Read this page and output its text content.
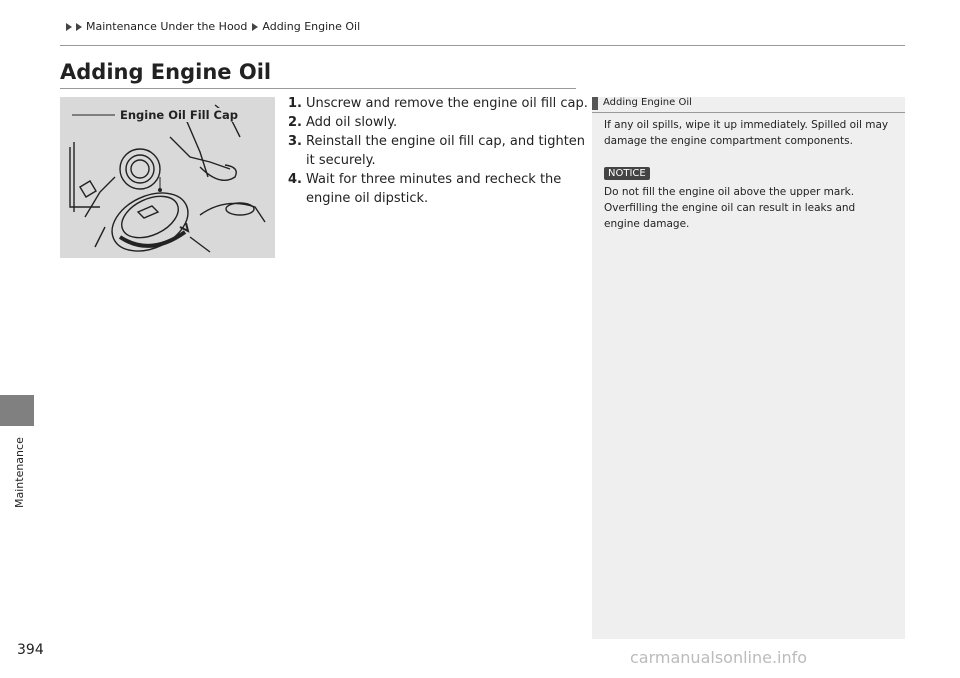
Maintenance Under the Hood Adding Engine Oil
Adding Engine Oil
Engine Oil Fill Cap
1. Unscrew and remove the engine oil fill cap.
2. Add oil slowly.
3. Reinstall the engine oil fill cap, and tighten it securely.
4. Wait for three minutes and recheck the engine oil dipstick.
Adding Engine Oil

If any oil spills, wipe it up immediately. Spilled oil may damage the engine compartment components.

NOTICE

Do not fill the engine oil above the upper mark. Overfilling the engine oil can result in leaks and engine damage.

Maintenance
394	carmanualsonline.info
